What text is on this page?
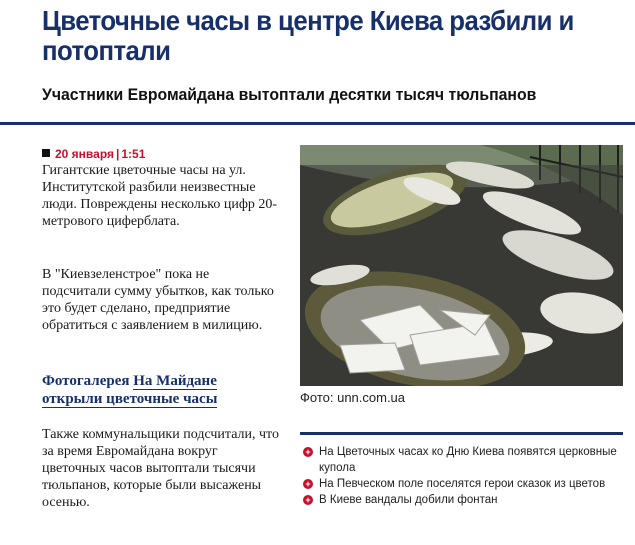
Цветочные часы в центре Киева разбили и потоптали
Участники Евромайдана вытоптали десятки тысяч тюльпанов
20 января | 1:51

Гигантские цветочные часы на ул. Институтской разбили неизвестные люди. Повреждены несколько цифр 20-метрового циферблата.

В "Киевзеленстрое" пока не подсчитали сумму убытков, как только это будет сделано, предприятие обратиться с заявлением в милицию.

Фотогалерея На Майдане открыли цветочные часы

Также коммунальщики подсчитали, что за время Евромайдана вокруг цветочных часов вытоптали тысячи тюльпанов, которые были высажены осенью.

Фото: unn.com.ua
+ На Цветочных часах ко Дню Киева появятся церковные купола
+ На Певческом поле поселятся герои сказок из цветов
+ В Киеве вандалы добили фонтан
